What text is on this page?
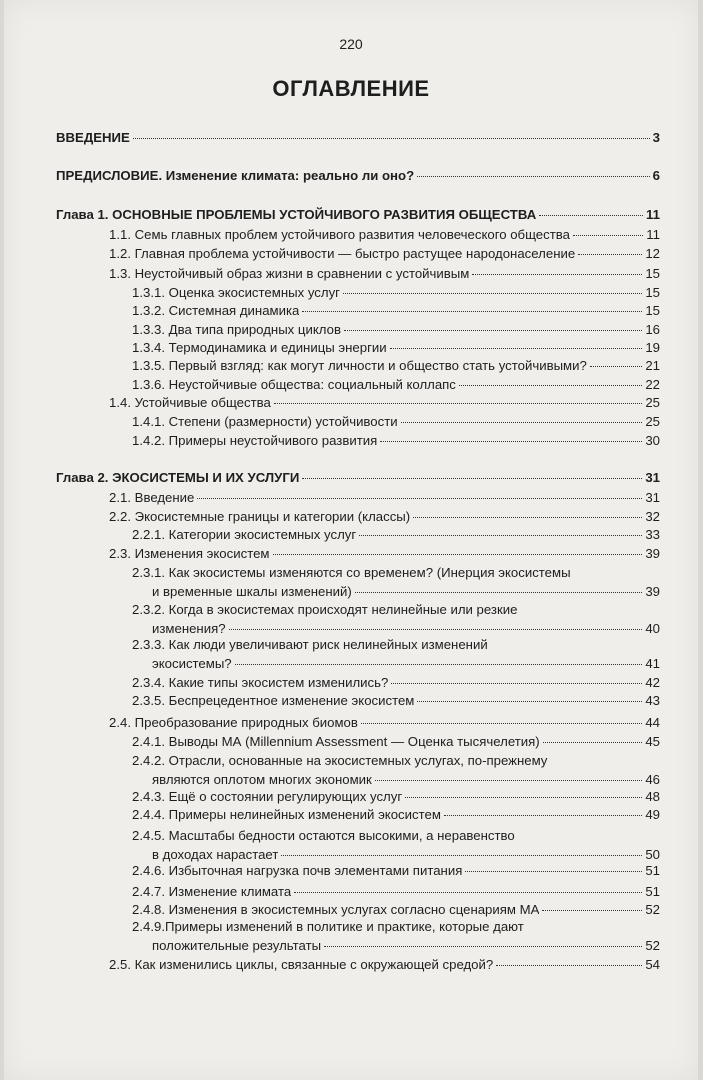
220
ОГЛАВЛЕНИЕ
ВВЕДЕНИЕ	3
ПРЕДИСЛОВИЕ. Изменение климата: реально ли оно?	6
Глава 1. ОСНОВНЫЕ ПРОБЛЕМЫ УСТОЙЧИВОГО РАЗВИТИЯ ОБЩЕСТВА	11
1.1. Семь главных проблем устойчивого развития человеческого общества	11
1.2. Главная проблема устойчивости — быстро растущее народонаселение	12
1.3. Неустойчивый образ жизни в сравнении с устойчивым	15
1.3.1. Оценка экосистемных услуг	15
1.3.2. Системная динамика	15
1.3.3. Два типа природных циклов	16
1.3.4. Термодинамика и единицы энергии	19
1.3.5. Первый взгляд: как могут личности и общество стать устойчивыми?	21
1.3.6. Неустойчивые общества: социальный коллапс	22
1.4. Устойчивые общества	25
1.4.1. Степени (размерности) устойчивости	25
1.4.2. Примеры неустойчивого развития	30
Глава 2. ЭКОСИСТЕМЫ И ИХ УСЛУГИ	31
2.1. Введение	31
2.2. Экосистемные границы и категории (классы)	32
2.2.1. Категории экосистемных услуг	33
2.3. Изменения экосистем	39
2.3.1. Как экосистемы изменяются со временем? (Инерция экосистемы
и временные шкалы изменений)	39
2.3.2. Когда в экосистемах происходят нелинейные или резкие
изменения?	40
2.3.3. Как люди увеличивают риск нелинейных изменений
экосистемы?	41
2.3.4. Какие типы экосистем изменились?	42
2.3.5. Беспрецедентное изменение экосистем	43
2.4. Преобразование природных биомов	44
2.4.1. Выводы МА (Millennium Assessment — Оценка тысячелетия)	45
2.4.2. Отрасли, основанные на экосистемных услугах, по-прежнему
являются оплотом многих экономик	46
2.4.3. Ещё о состоянии регулирующих услуг	48
2.4.4. Примеры нелинейных изменений экосистем	49
2.4.5. Масштабы бедности остаются высокими, а неравенство
в доходах нарастает	50
2.4.6. Избыточная нагрузка почв элементами питания	51
2.4.7. Изменение климата	51
2.4.8. Изменения в экосистемных услугах согласно сценариям МА	52
2.4.9.Примеры изменений в политике и практике, которые дают
положительные результаты	52
2.5. Как изменились циклы, связанные с окружающей средой?	54
